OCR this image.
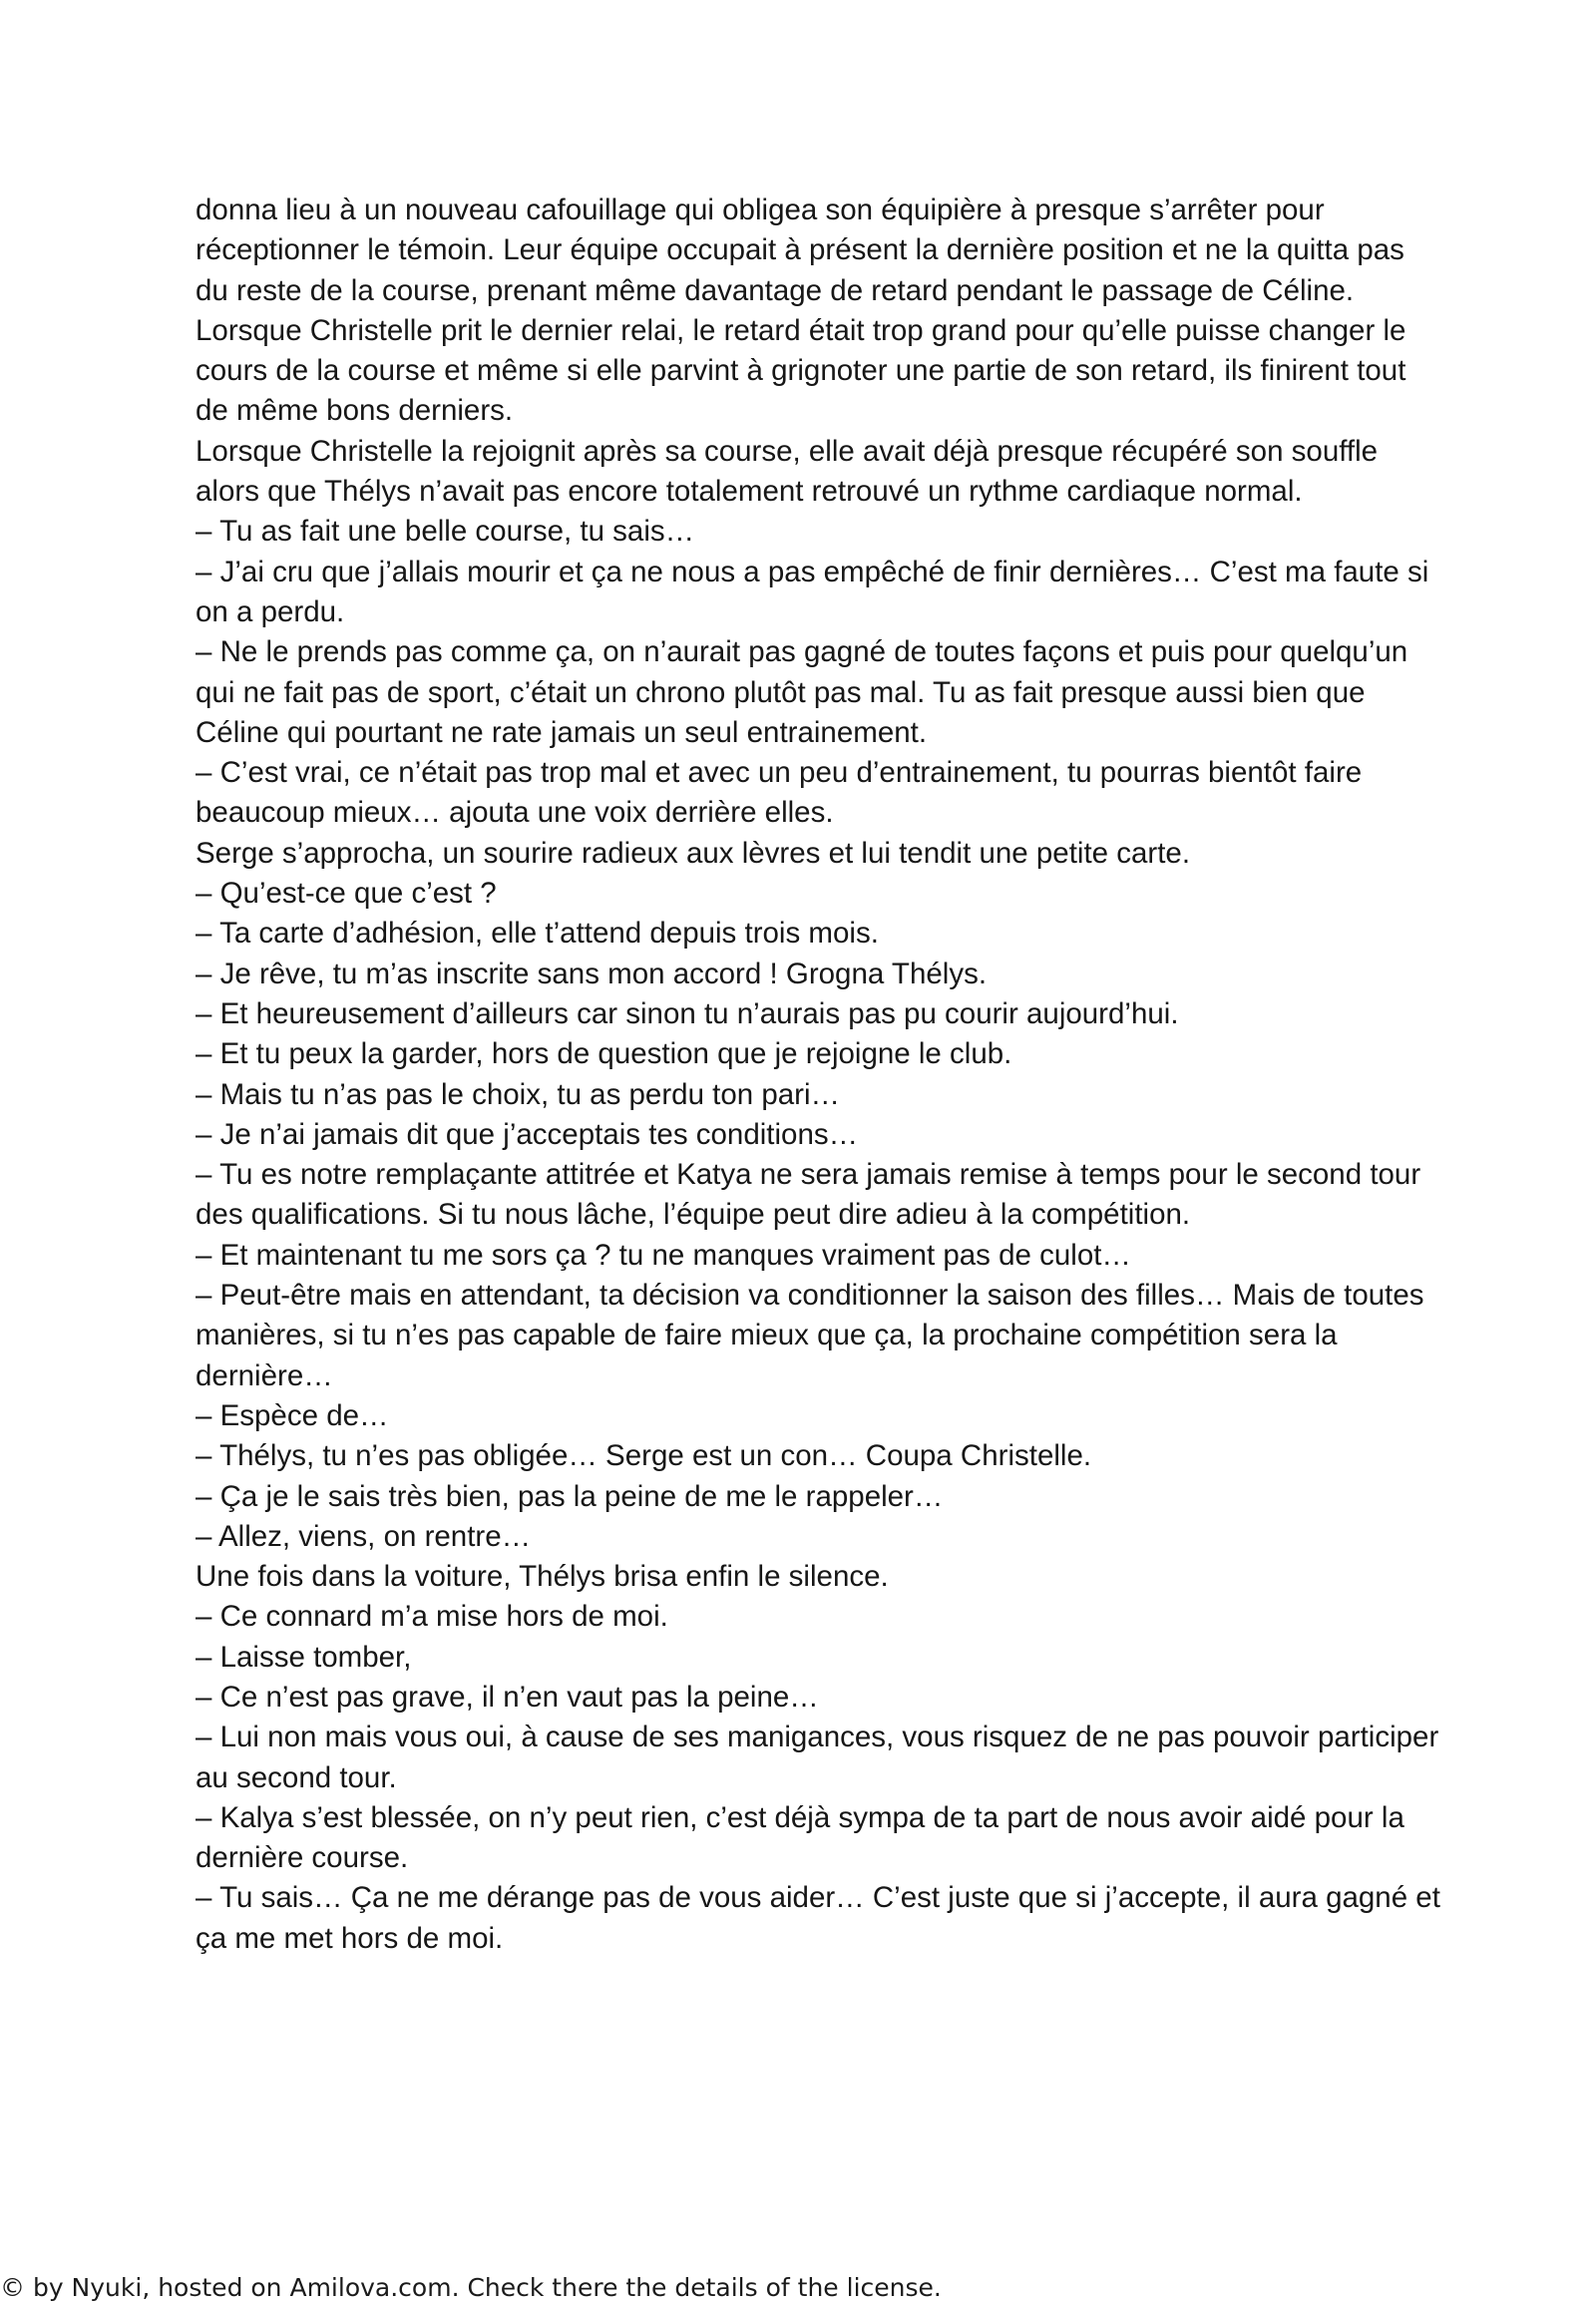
donna lieu à un nouveau cafouillage qui obligea son équipière à presque s’arrêter pour réceptionner le témoin. Leur équipe occupait à présent la dernière position et ne la quitta pas du reste de la course, prenant même davantage de retard pendant le passage de Céline. Lorsque Christelle prit le dernier relai, le retard était trop grand pour qu’elle puisse changer le cours de la course et même si elle parvint à grignoter une partie de son retard, ils finirent tout de même bons derniers.

Lorsque Christelle la rejoignit après sa course, elle avait déjà presque récupéré son souffle alors que Thélys n’avait pas encore totalement retrouvé un rythme cardiaque normal.

– Tu as fait une belle course, tu sais…

– J’ai cru que j’allais mourir et ça ne nous a pas empêché de finir dernières… C’est ma faute si on a perdu.

– Ne le prends pas comme ça, on n’aurait pas gagné de toutes façons et puis pour quelqu’un qui ne fait pas de sport, c’était un chrono plutôt pas mal. Tu as fait presque aussi bien que Céline qui pourtant ne rate jamais un seul entrainement.

– C’est vrai, ce n’était pas trop mal et avec un peu d’entrainement, tu pourras bientôt faire beaucoup mieux… ajouta une voix derrière elles.

Serge s’approcha, un sourire radieux aux lèvres et lui tendit une petite carte.

– Qu’est-ce que c’est ?

– Ta carte d’adhésion, elle t’attend depuis trois mois.

– Je rêve, tu m’as inscrite sans mon accord ! Grogna Thélys.

– Et heureusement d’ailleurs car sinon tu n’aurais pas pu courir aujourd’hui.

– Et tu peux la garder, hors de question que je rejoigne le club.

– Mais tu n’as pas le choix, tu as perdu ton pari…

– Je n’ai jamais dit que j’acceptais tes conditions…

– Tu es notre remplaçante attitrée et Katya ne sera jamais remise à temps pour le second tour des qualifications. Si tu nous lâche, l’équipe peut dire adieu à la compétition.

– Et maintenant tu me sors ça ? tu ne manques vraiment pas de culot…

– Peut-être mais en attendant, ta décision va conditionner la saison des filles… Mais de toutes manières, si tu n’es pas capable de faire mieux que ça, la prochaine compétition sera la dernière…

– Espèce de…

– Thélys, tu n’es pas obligée… Serge est un con… Coupa Christelle.

– Ça je le sais très bien, pas la peine de me le rappeler…

– Allez, viens, on rentre…

Une fois dans la voiture, Thélys brisa enfin le silence.

– Ce connard m’a mise hors de moi.

– Laisse tomber,

– Ce n’est pas grave, il n’en vaut pas la peine…

– Lui non mais vous oui, à cause de ses manigances, vous risquez de ne pas pouvoir participer au second tour.

– Kalya s’est blessée, on n’y peut rien, c’est déjà sympa de ta part de nous avoir aidé pour la dernière course.

– Tu sais… Ça ne me dérange pas de vous aider… C’est juste que si j’accepte, il aura gagné et ça me met hors de moi.

© by Nyuki, hosted on Amilova.com. Check there the details of the license.
